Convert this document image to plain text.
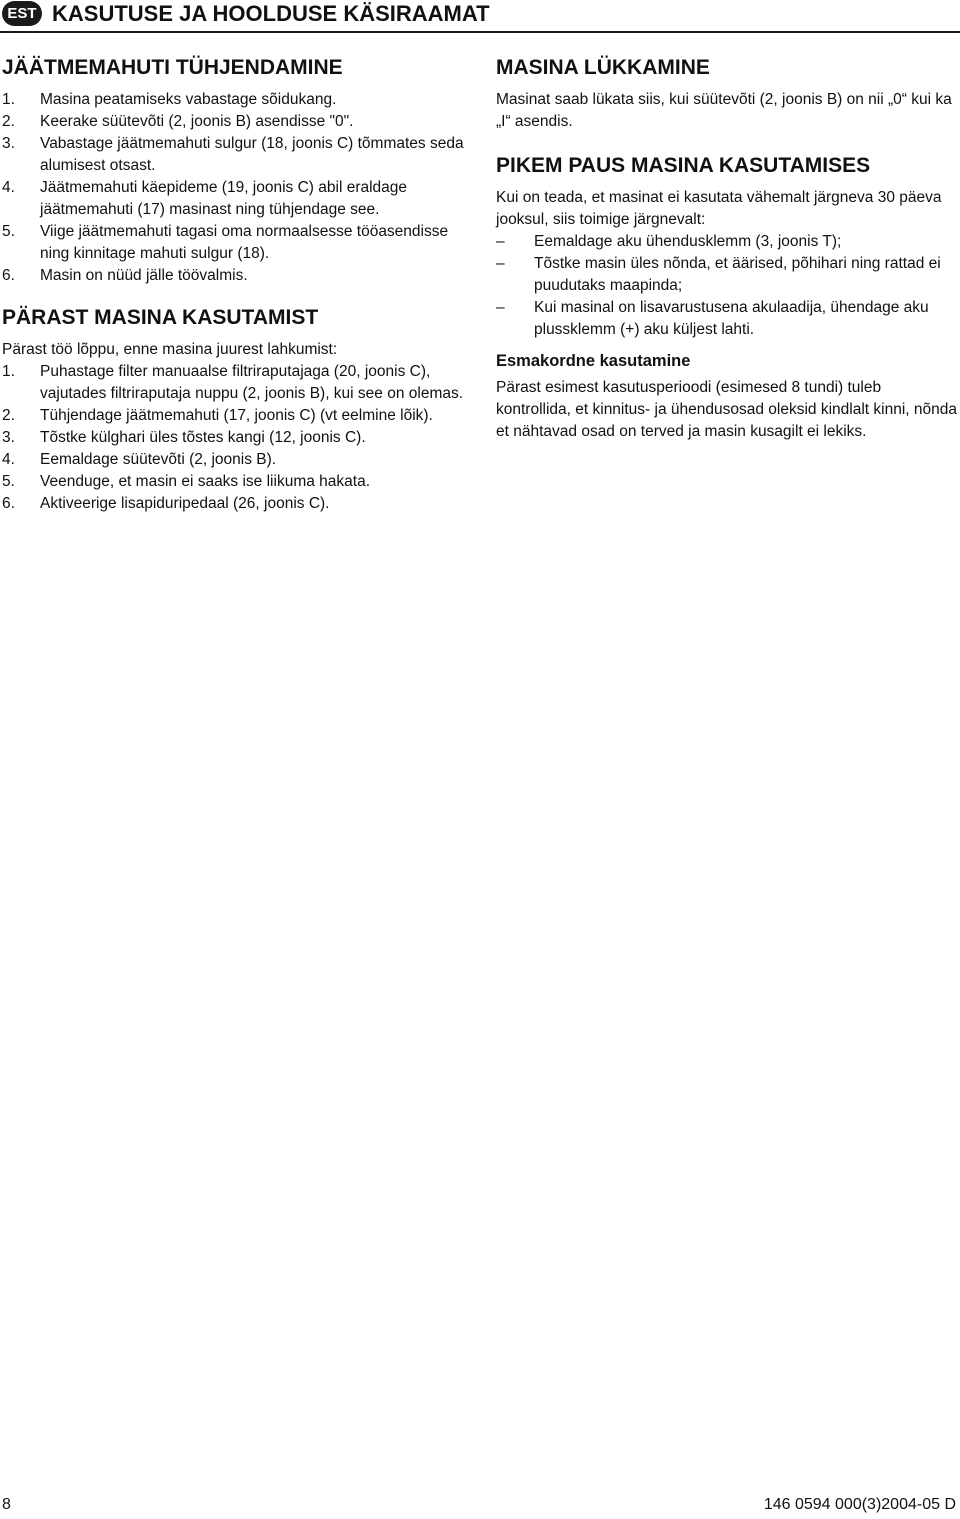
EST KASUTUSE JA HOOLDUSE KÄSIRAAMAT
JÄÄTMEMAHUTI TÜHJENDAMINE
1.	Masina peatamiseks vabastage sõidukang.
2.	Keerake süütevõti (2, joonis B) asendisse "0".
3.	Vabastage jäätmemahuti sulgur (18, joonis C) tõmmates seda alumisest otsast.
4.	Jäätmemahuti käepideme (19, joonis C) abil eraldage jäätmemahuti (17) masinast ning tühjendage see.
5.	Viige jäätmemahuti tagasi oma normaalsesse tööasendisse ning kinnitage mahuti sulgur (18).
6.	Masin on nüüd jälle töövalmis.
PÄRAST MASINA KASUTAMIST

Pärast töö lõppu, enne masina juurest lahkumist:

1.	Puhastage filter manuaalse filtriraputajaga (20, joonis C), vajutades filtriraputaja nuppu (2, joonis B), kui see on olemas.
2.	Tühjendage jäätmemahuti (17, joonis C) (vt eelmine lõik).
3.	Tõstke külghari üles tõstes kangi (12, joonis C).
4.	Eemaldage süütevõti (2, joonis B).
5.	Veenduge, et masin ei saaks ise liikuma hakata.
6.	Aktiveerige lisapiduripedaal (26, joonis C).
MASINA LÜKKAMINE

Masinat saab lükata siis, kui süütevõti (2, joonis B) on nii „0“ kui ka „I“ asendis.

PIKEM PAUS MASINA KASUTAMISES

Kui on teada, et masinat ei kasutata vähemalt järgneva 30 päeva jooksul, siis toimige järgnevalt:

–	Eemaldage aku ühendusklemm (3, joonis T);
–	Tõstke masin üles nõnda, et äärised, põhihari ning rattad ei puudutaks maapinda;
–	Kui masinal on lisavarustusena akulaadija, ühendage aku plussklemm (+) aku küljest lahti.
Esmakordne kasutamine

Pärast esimest kasutusperioodi (esimesed 8 tundi) tuleb kontrollida, et kinnitus- ja ühendusosad oleksid kindlalt kinni, nõnda et nähtavad osad on terved ja masin kusagilt ei lekiks.

8	146 0594 000(3)2004-05 D
